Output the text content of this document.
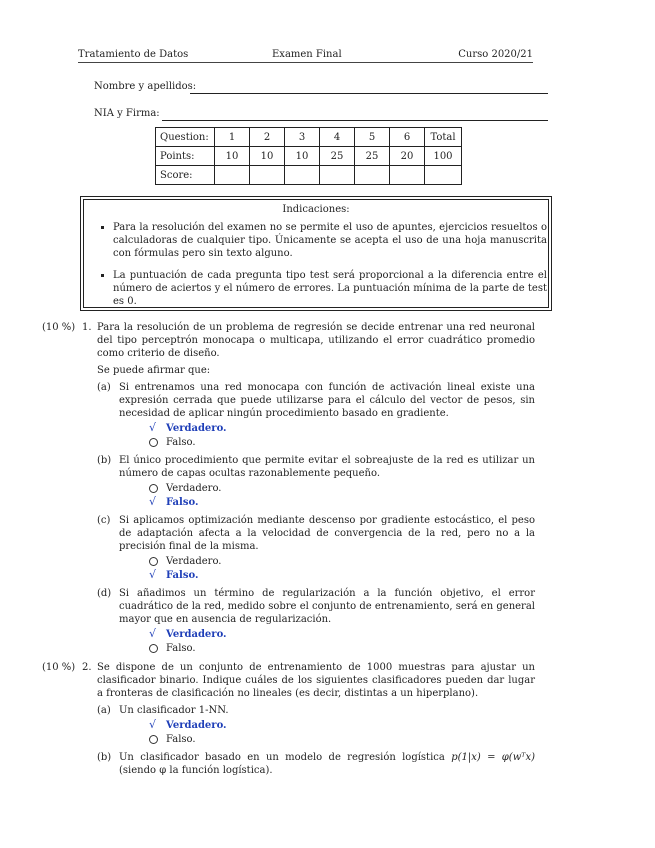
Tratamiento de Datos	Examen Final	Curso 2020/21
Nombre y apellidos:
NIA y Firma:
Question:	1	2	3	4	5	6	Total
Points:	10	10	10	25	25	20	100
Score:							
Indicaciones:
Para la resolución del examen no se permite el uso de apuntes, ejercicios resueltos o calculadoras de cualquier tipo. Únicamente se acepta el uso de una hoja manuscrita con fórmulas pero sin texto alguno.
La puntuación de cada pregunta tipo test será proporcional a la diferencia entre el número de aciertos y el número de errores. La puntuación mínima de la parte de test es 0.
(10 %) 1. Para la resolución de un problema de regresión se decide entrenar una red neuronal del tipo perceptrón monocapa o multicapa, utilizando el error cuadrático promedio como criterio de diseño.

Se puede afirmar que:

(a) Si entrenamos una red monocapa con función de activación lineal existe una expresión cerrada que puede utilizarse para el cálculo del vector de pesos, sin necesidad de aplicar ningún procedimiento basado en gradiente.
√ Verdadero.
Falso.
(b) El único procedimiento que permite evitar el sobreajuste de la red es utilizar un número de capas ocultas razonablemente pequeño.
Verdadero.
√ Falso.
(c) Si aplicamos optimización mediante descenso por gradiente estocástico, el peso de adaptación afecta a la velocidad de convergencia de la red, pero no a la precisión final de la misma.
Verdadero.
√ Falso.
(d) Si añadimos un término de regularización a la función objetivo, el error cuadrático de la red, medido sobre el conjunto de entrenamiento, será en general mayor que en ausencia de regularización.
√ Verdadero.
Falso.
(10 %) 2. Se dispone de un conjunto de entrenamiento de 1000 muestras para ajustar un clasificador binario. Indique cuáles de los siguientes clasificadores pueden dar lugar a fronteras de clasificación no lineales (es decir, distintas a un hiperplano).

(a) Un clasificador 1-NN.
√ Verdadero.
Falso.
(b) Un clasificador basado en un modelo de regresión logística p(1|x) = φ(wᵀx) (siendo φ la función logística).
